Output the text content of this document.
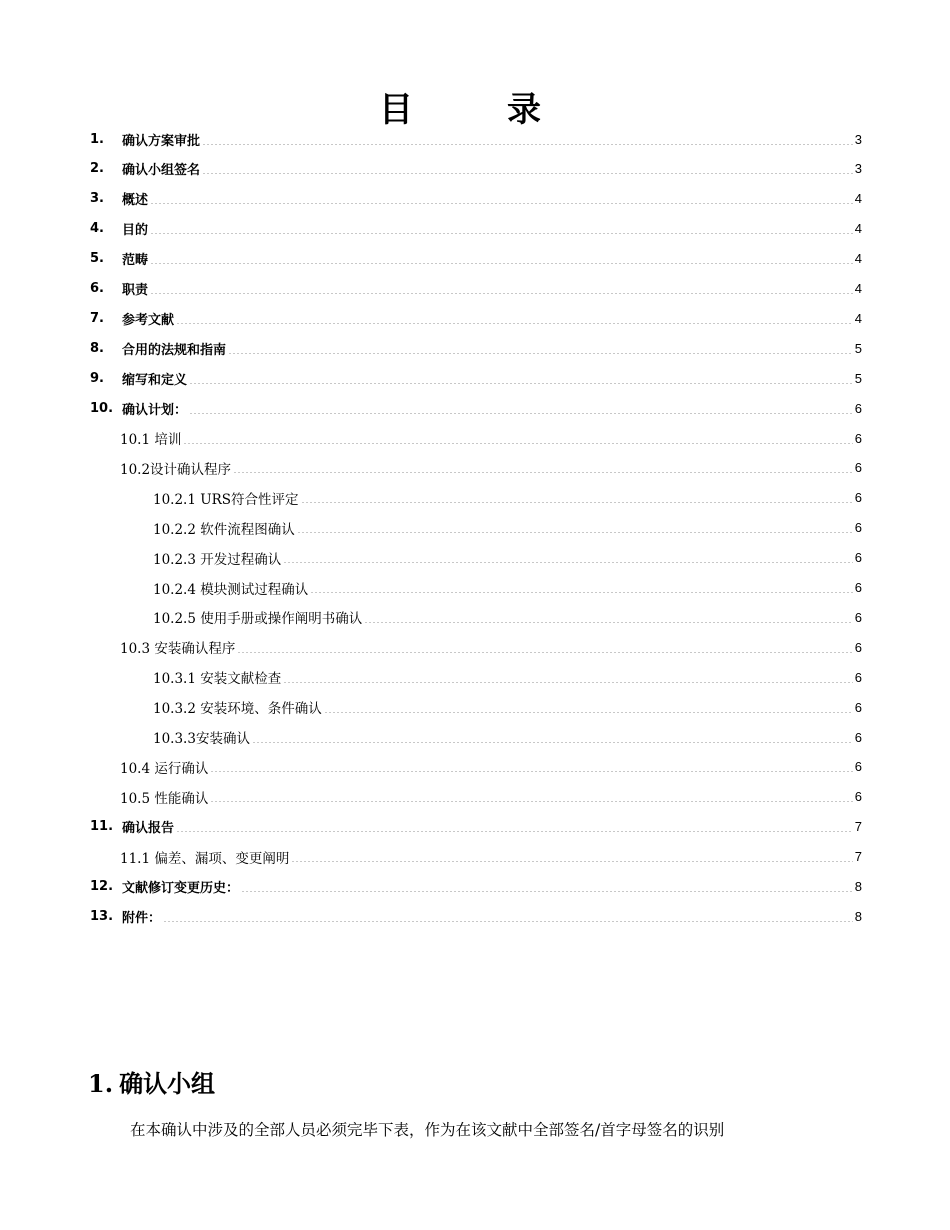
目　录
1.	确认方案审批	3
2.	确认小组签名	3
3.	概述	4
4.	目的	4
5.	范畴	4
6.	职责	4
7.	参考文献	4
8.	合用的法规和指南	5
9.	缩写和定义	5
10. 确认计划：	6
10.1 培训	6
10.2设计确认程序	6
10.2.1 URS符合性评定	6
10.2.2 软件流程图确认	6
10.2.3 开发过程确认	6
10.2.4 模块测试过程确认	6
10.2.5 使用手册或操作阐明书确认	6
10.3 安装确认程序	6
10.3.1 安装文献检查	6
10.3.2 安装环境、条件确认	6
10.3.3安装确认	6
10.4 运行确认	6
10.5 性能确认	6
11. 确认报告	7
11.1 偏差、漏项、变更阐明	7
12. 文献修订变更历史：	8
13. 附件：	8
1. 确认小组
在本确认中涉及的全部人员必须完毕下表，作为在该文献中全部签名/首字母签名的识别
